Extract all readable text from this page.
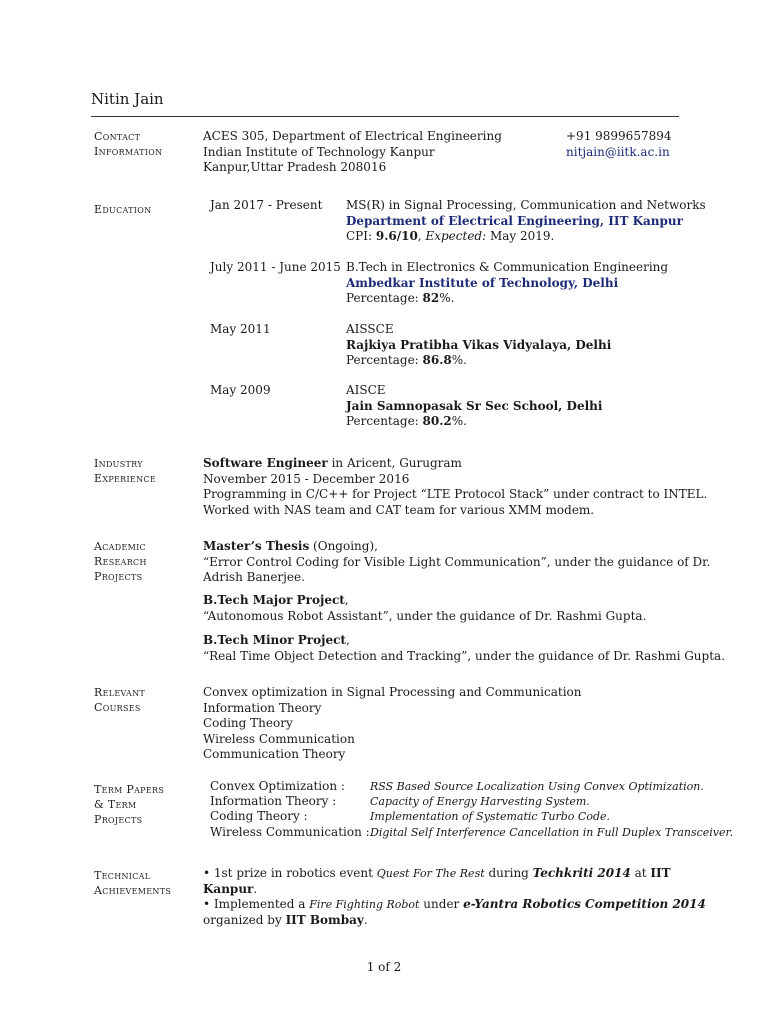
Nitin Jain
Contact
Information
ACES 305, Department of Electrical Engineering
Indian Institute of Technology Kanpur
Kanpur,Uttar Pradesh 208016
+91 9899657894
nitjain@iitk.ac.in
Education	Jan 2017 - Present MS(R) in Signal Processing, Communication and Networks
Department of Electrical Engineering, IIT Kanpur
CPI: 9.6/10, Expected: May 2019.
July 2011 - June 2015 B.Tech in Electronics & Communication Engineering
Ambedkar Institute of Technology, Delhi
Percentage: 82%.
May 2011	AISSCE
Rajkiya Pratibha Vikas Vidyalaya, Delhi
Percentage: 86.8%.
May 2009	AISCE
Jain Samnopasak Sr Sec School, Delhi
Percentage: 80.2%.
Industry
Experience
Software Engineer in Aricent, Gurugram
November 2015 - December 2016
Programming in C/C++ for Project “LTE Protocol Stack” under contract to INTEL.
Worked with NAS team and CAT team for various XMM modem.
Academic
Research
Projects
Master’s Thesis (Ongoing),
“Error Control Coding for Visible Light Communication”, under the guidance of Dr.
Adrish Banerjee.
B.Tech Major Project,
“Autonomous Robot Assistant”, under the guidance of Dr. Rashmi Gupta.
B.Tech Minor Project,
“Real Time Object Detection and Tracking”, under the guidance of Dr. Rashmi Gupta.
Relevant
Courses
Convex optimization in Signal Processing and Communication
Information Theory
Coding Theory
Wireless Communication
Communication Theory
Term Papers
& Term
Projects
Convex Optimization : RSS Based Source Localization Using Convex Optimization.
Information Theory :	Capacity of Energy Harvesting System.
Coding Theory :	Implementation of Systematic Turbo Code.
Wireless Communication : Digital Self Interference Cancellation in Full Duplex Transceiver.
Technical
Achievements
• 1st prize in robotics event Quest For The Rest during Techkriti 2014 at IIT
Kanpur.
• Implemented a Fire Fighting Robot under e-Yantra Robotics Competition 2014
organized by IIT Bombay.
1 of 2
